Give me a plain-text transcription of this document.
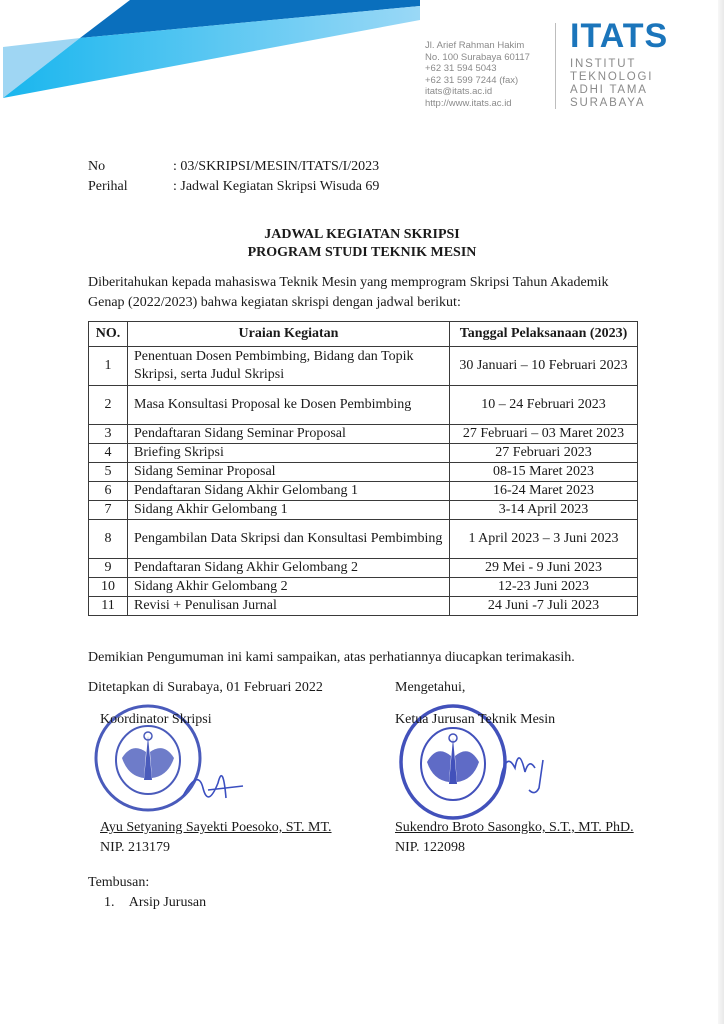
Jl. Arief Rahman Hakim
No. 100 Surabaya 60117
+62 31 594 5043
+62 31 599 7244 (fax)
itats@itats.ac.id
http://www.itats.ac.id
ITATS
INSTITUT
TEKNOLOGI
ADHI TAMA
SURABAYA
No	: 03/SKRIPSI/MESIN/ITATS/I/2023
Perihal	: Jadwal Kegiatan Skripsi Wisuda 69
JADWAL KEGIATAN SKRIPSI
PROGRAM STUDI TEKNIK MESIN
Diberitahukan kepada mahasiswa Teknik Mesin yang memprogram Skripsi Tahun Akademik Genap (2022/2023) bahwa kegiatan skrispi dengan jadwal berikut:
NO.	Uraian Kegiatan	Tanggal Pelaksanaan (2023)
1	Penentuan Dosen Pembimbing, Bidang dan Topik Skripsi, serta Judul Skripsi	30 Januari – 10 Februari 2023
2	Masa Konsultasi Proposal ke Dosen Pembimbing	10 – 24 Februari 2023
3	Pendaftaran Sidang Seminar Proposal	27 Februari – 03 Maret 2023
4	Briefing Skripsi	27 Februari 2023
5	Sidang Seminar Proposal	08-15 Maret 2023
6	Pendaftaran Sidang Akhir Gelombang 1	16-24 Maret 2023
7	Sidang Akhir Gelombang 1	3-14 April 2023
8	Pengambilan Data Skripsi dan Konsultasi Pembimbing	1 April 2023 – 3 Juni 2023
9	Pendaftaran Sidang Akhir Gelombang 2	29 Mei - 9 Juni 2023
10	Sidang Akhir Gelombang 2	12-23 Juni 2023
11	Revisi + Penulisan Jurnal	24 Juni -7 Juli 2023
Demikian Pengumuman ini kami sampaikan, atas perhatiannya diucapkan terimakasih.
Ditetapkan di Surabaya, 01 Februari 2022
Koordinator Skripsi
Ayu Setyaning Sayekti Poesoko, ST. MT.
NIP. 213179
Mengetahui,
Ketua Jurusan Teknik Mesin
Sukendro Broto Sasongko, S.T., MT. PhD.
NIP. 122098
Tembusan:
1. Arsip Jurusan
